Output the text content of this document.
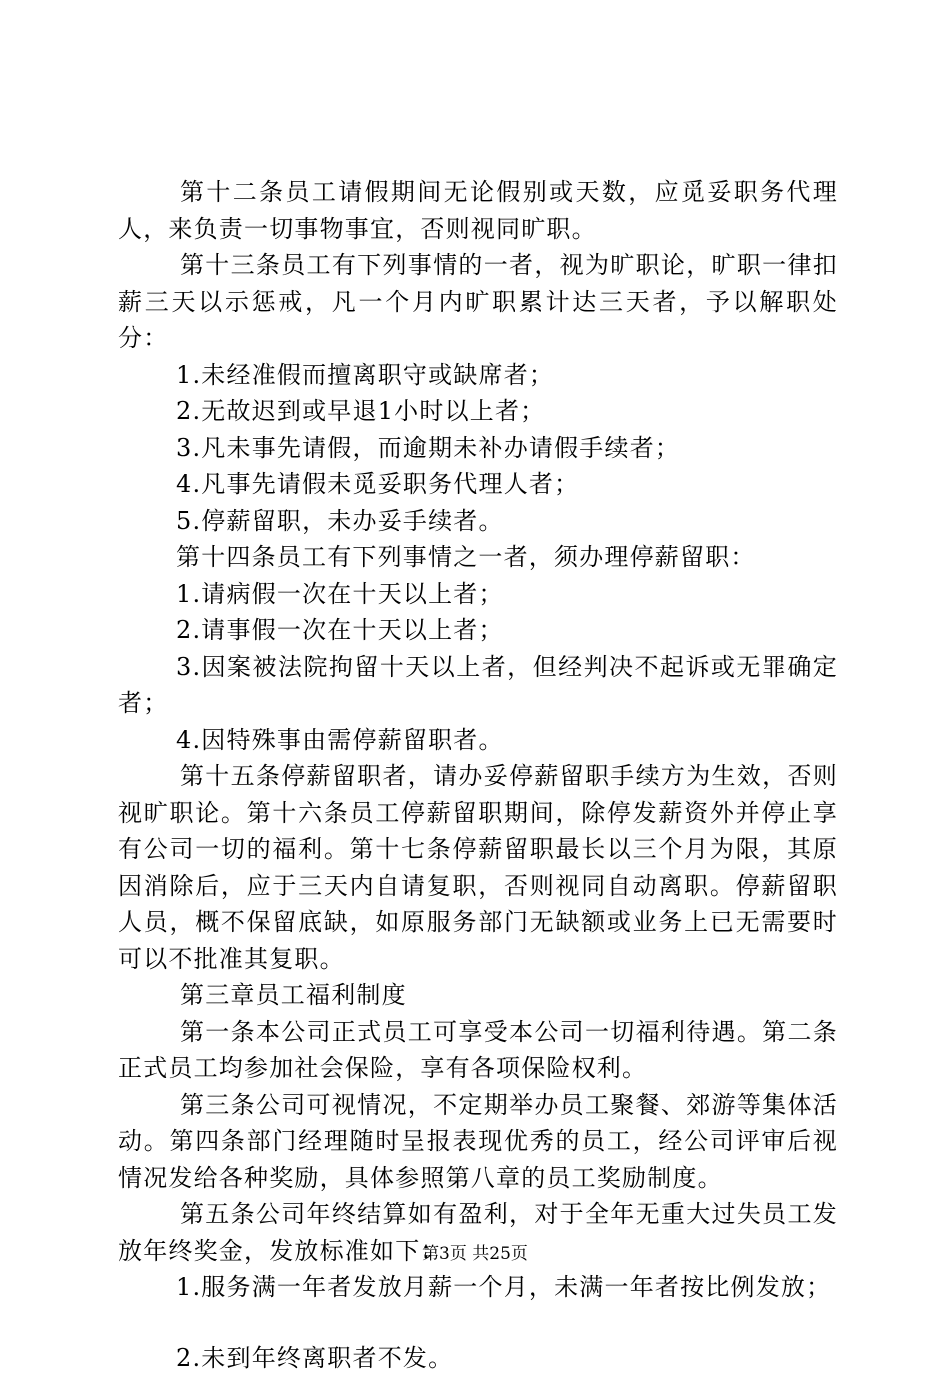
第十二条员工请假期间无论假别或天数，应觅妥职务代理人，来负责一切事物事宜，否则视同旷职。

第十三条员工有下列事情的一者，视为旷职论，旷职一律扣薪三天以示惩戒，凡一个月内旷职累计达三天者，予以解职处分：

1.未经准假而擅离职守或缺席者；

2.无故迟到或早退1小时以上者；

3.凡未事先请假，而逾期未补办请假手续者；

4.凡事先请假未觅妥职务代理人者；

5.停薪留职，未办妥手续者。

第十四条员工有下列事情之一者，须办理停薪留职：

1.请病假一次在十天以上者；

2.请事假一次在十天以上者；

3.因案被法院拘留十天以上者，但经判决不起诉或无罪确定者；

4.因特殊事由需停薪留职者。

第十五条停薪留职者，请办妥停薪留职手续方为生效，否则视旷职论。第十六条员工停薪留职期间，除停发薪资外并停止享有公司一切的福利。第十七条停薪留职最长以三个月为限，其原因消除后，应于三天内自请复职，否则视同自动离职。停薪留职人员，概不保留底缺，如原服务部门无缺额或业务上已无需要时可以不批准其复职。

第三章员工福利制度

第一条本公司正式员工可享受本公司一切福利待遇。第二条正式员工均参加社会保险，享有各项保险权利。

第三条公司可视情况，不定期举办员工聚餐、郊游等集体活动。第四条部门经理随时呈报表现优秀的员工，经公司评审后视情况发给各种奖励，具体参照第八章的员工奖励制度。

第五条公司年终结算如有盈利，对于全年无重大过失员工发放年终奖金，发放标准如下：

1.服务满一年者发放月薪一个月，未满一年者按比例发放；

2.未到年终离职者不发。

第3页 共25页
